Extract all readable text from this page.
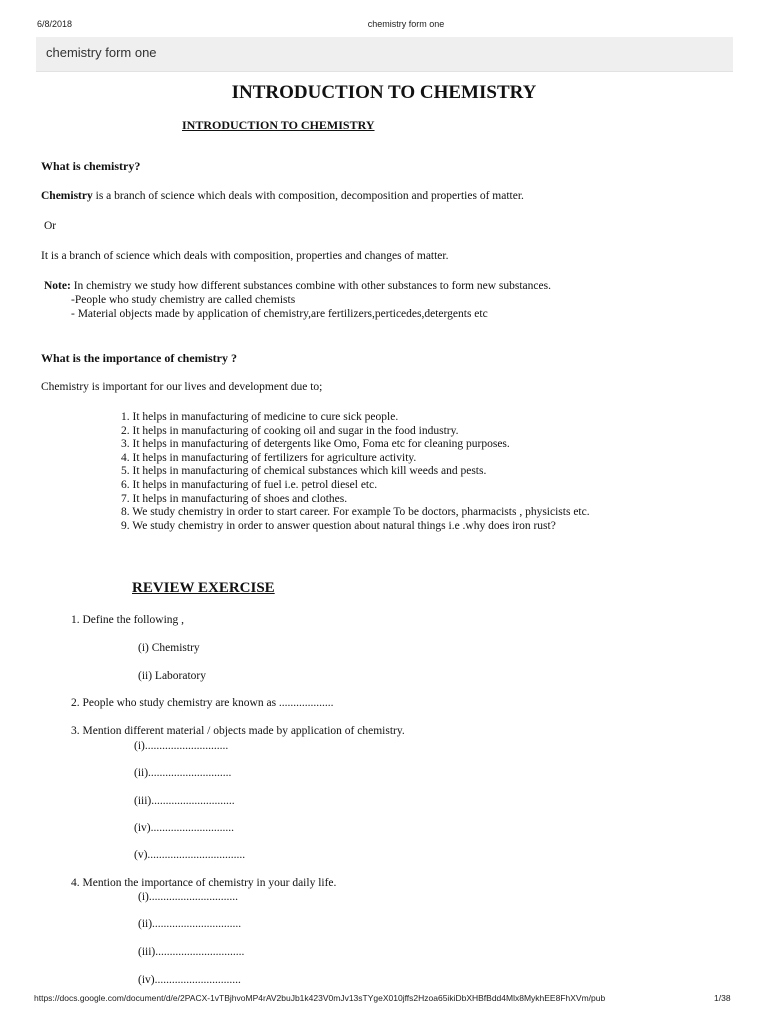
6/8/2018	chemistry form one
chemistry form one
INTRODUCTION TO CHEMISTRY
INTRODUCTION TO CHEMISTRY
What is chemistry?
Chemistry is a branch of science which deals with composition, decomposition and properties of matter.
Or
It is a branch of science which deals with composition, properties and changes of matter.
Note: In chemistry we study how different substances combine with other substances to form new substances.
-People who study chemistry are called chemists
- Material objects made by application of chemistry,are fertilizers,perticedes,detergents etc
What is the importance of chemistry ?
Chemistry is important for our lives and development due to;
1. It helps in manufacturing of medicine to cure sick people.
2. It helps in manufacturing of cooking oil and sugar in the food industry.
3. It helps in manufacturing of detergents like Omo, Foma etc for cleaning purposes.
4. It helps in manufacturing of fertilizers for agriculture activity.
5. It helps in manufacturing of chemical substances which kill weeds and pests.
6. It helps in manufacturing of fuel i.e. petrol diesel etc.
7. It helps in manufacturing of shoes and clothes.
8. We study chemistry in order to start career. For example To be doctors, pharmacists , physicists etc.
9. We study chemistry in order to answer question about natural things i.e .why does iron rust?
REVIEW EXERCISE
1. Define the following ,
(i) Chemistry
(ii) Laboratory
2. People who study chemistry are known as ...................
3. Mention different material / objects made by application of chemistry.
(i).............................
(ii).............................
(iii).............................
(iv).............................
(v)..................................
4. Mention the importance of chemistry in your daily life.
(i)...............................
(ii)...............................
(iii)...............................
(iv)..............................
https://docs.google.com/document/d/e/2PACX-1vTBjhvoMP4rAV2buJb1k423V0mJv13sTYgeX010jffs2Hzoa65ikiDbXHBfBdd4Mlx8MykhEE8FhXVm/pub	1/38
